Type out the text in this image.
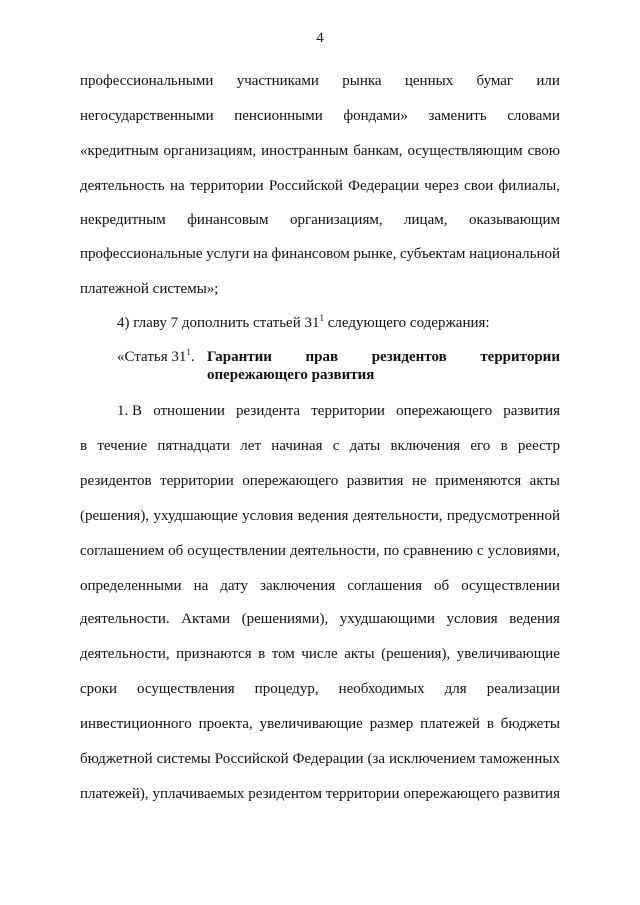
4
профессиональными участниками рынка ценных бумаг или
негосударственными пенсионными фондами» заменить словами
«кредитным организациям, иностранным банкам, осуществляющим свою
деятельность на территории Российской Федерации через свои филиалы,
некредитным финансовым организациям, лицам, оказывающим
профессиональные услуги на финансовом рынке, субъектам национальной
платежной системы»;
4) главу 7 дополнить статьей $31^1$ следующего содержания:
«Статья $31^1$. Гарантии прав резидентов территории
опережающего развития
1. В отношении резидента территории опережающего развития
в течение пятнадцати лет начиная с даты включения его в реестр
резидентов территории опережающего развития не применяются акты
(решения), ухудшающие условия ведения деятельности, предусмотренной
соглашением об осуществлении деятельности, по сравнению с условиями,
определенными на дату заключения соглашения об осуществлении
деятельности. Актами (решениями), ухудшающими условия ведения
деятельности, признаются в том числе акты (решения), увеличивающие
сроки осуществления процедур, необходимых для реализации
инвестиционного проекта, увеличивающие размер платежей в бюджеты
бюджетной системы Российской Федерации (за исключением таможенных
платежей), уплачиваемых резидентом территории опережающего развития
